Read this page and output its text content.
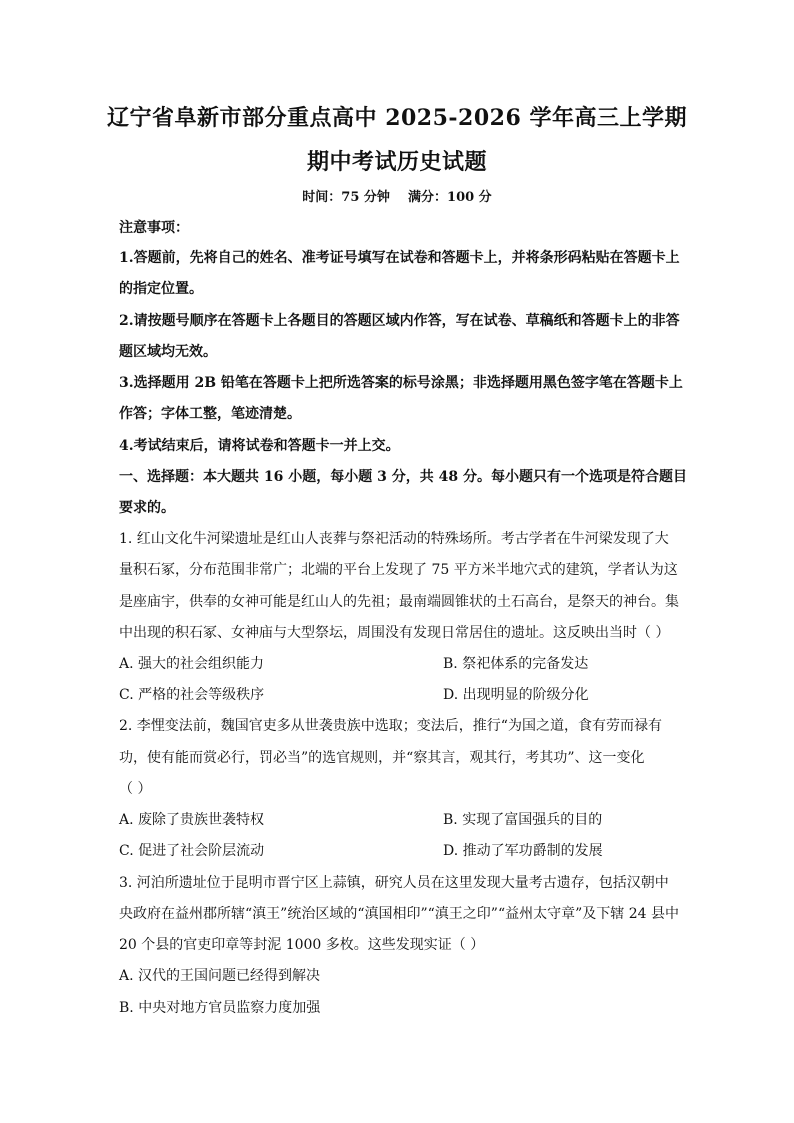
辽宁省阜新市部分重点高中 2025-2026 学年高三上学期
期中考试历史试题
时间：75 分钟    满分：100 分
注意事项：
1.答题前，先将自己的姓名、准考证号填写在试卷和答题卡上，并将条形码粘贴在答题卡上
的指定位置。
2.请按题号顺序在答题卡上各题目的答题区域内作答，写在试卷、草稿纸和答题卡上的非答
题区域均无效。
3.选择题用 2B 铅笔在答题卡上把所选答案的标号涂黑；非选择题用黑色签字笔在答题卡上
作答；字体工整，笔迹清楚。
4.考试结束后，请将试卷和答题卡一并上交。
一、选择题：本大题共 16 小题，每小题 3 分，共 48 分。每小题只有一个选项是符合题目
要求的。
1. 红山文化牛河梁遗址是红山人丧葬与祭祀活动的特殊场所。考古学者在牛河梁发现了大
量积石冢，分布范围非常广；北端的平台上发现了 75 平方米半地穴式的建筑，学者认为这
是座庙宇，供奉的女神可能是红山人的先祖；最南端圆锥状的土石高台，是祭天的神台。集
中出现的积石冢、女神庙与大型祭坛，周围没有发现日常居住的遗址。这反映出当时（ ）
A. 强大的社会组织能力	B. 祭祀体系的完备发达
C. 严格的社会等级秩序	D. 出现明显的阶级分化
2. 李悝变法前，魏国官吏多从世袭贵族中选取；变法后，推行“为国之道，食有劳而禄有
功，使有能而赏必行，罚必当”的选官规则，并“察其言，观其行，考其功”、这一变化
（ ）
A. 废除了贵族世袭特权	B. 实现了富国强兵的目的
C. 促进了社会阶层流动	D. 推动了军功爵制的发展
3. 河泊所遗址位于昆明市晋宁区上蒜镇，研究人员在这里发现大量考古遗存，包括汉朝中
央政府在益州郡所辖“滇王”统治区域的“滇国相印”“滇王之印”“益州太守章”及下辖 24 县中
20 个县的官吏印章等封泥 1000 多枚。这些发现实证（ ）
A. 汉代的王国问题已经得到解决
B. 中央对地方官员监察力度加强
